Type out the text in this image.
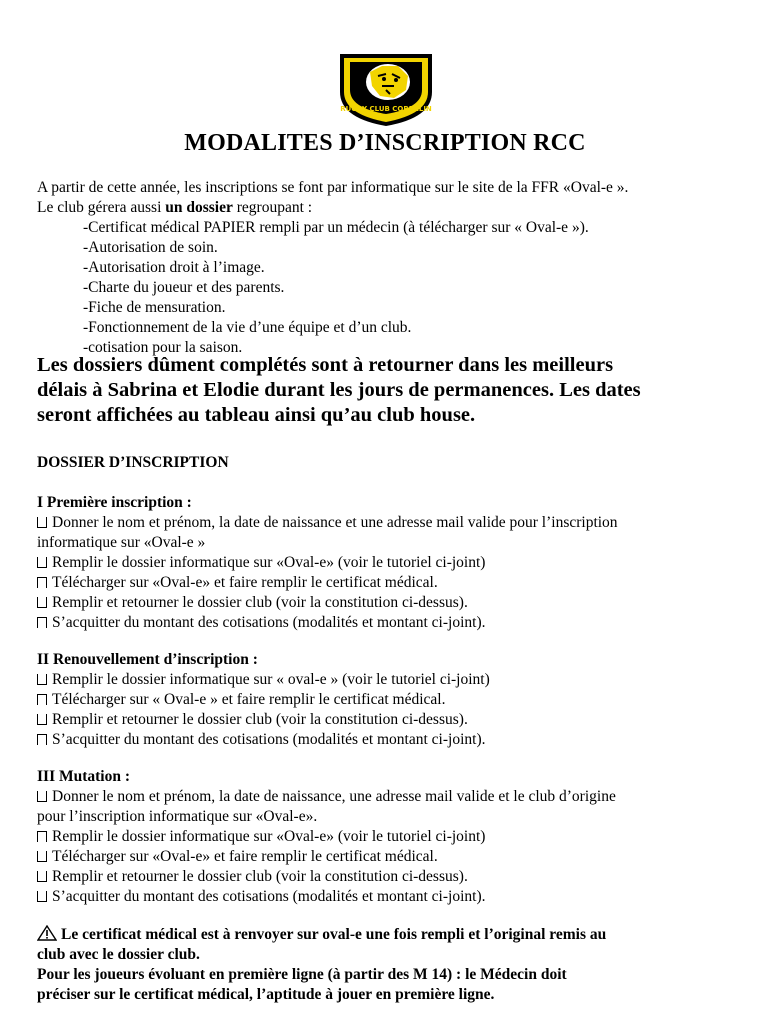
RUGBY CLUB CORBELIN
MODALITES D’INSCRIPTION RCC
A partir de cette année, les inscriptions se font par informatique sur le site de la FFR «Oval-e ».
Le club gérera aussi un dossier regroupant :
-Certificat médical PAPIER rempli par un médecin (à télécharger sur « Oval-e »).
-Autorisation de soin.
-Autorisation droit à l’image.
-Charte du joueur et des parents.
-Fiche de mensuration.
-Fonctionnement de la vie d’une équipe et d’un club.
-cotisation pour la saison.
Les dossiers dûment complétés sont à retourner dans les meilleurs
délais à Sabrina et Elodie durant les jours de permanences. Les dates
seront affichées au tableau ainsi qu’au club house.
DOSSIER D’INSCRIPTION
I Première inscription :
Donner le nom et prénom, la date de naissance et une adresse mail valide pour l’inscription
informatique sur «Oval-e »
Remplir le dossier informatique sur «Oval-e» (voir le tutoriel ci-joint)
Télécharger sur «Oval-e» et faire remplir le certificat médical.
Remplir et retourner le dossier club (voir la constitution ci-dessus).
S’acquitter du montant des cotisations (modalités et montant ci-joint).
II Renouvellement d’inscription :
Remplir le dossier informatique sur « oval-e » (voir le tutoriel ci-joint)
Télécharger sur « Oval-e » et faire remplir le certificat médical.
Remplir et retourner le dossier club (voir la constitution ci-dessus).
S’acquitter du montant des cotisations (modalités et montant ci-joint).
III Mutation :
Donner le nom et prénom, la date de naissance, une adresse mail valide et le club d’origine
pour l’inscription informatique sur «Oval-e».
Remplir le dossier informatique sur «Oval-e» (voir le tutoriel ci-joint)
Télécharger sur «Oval-e» et faire remplir le certificat médical.
Remplir et retourner le dossier club (voir la constitution ci-dessus).
S’acquitter du montant des cotisations (modalités et montant ci-joint).
Le certificat médical est à renvoyer sur oval-e une fois rempli et l’original remis au
club avec le dossier club.
Pour les joueurs évoluant en première ligne (à partir des M 14) : le Médecin doit
préciser sur le certificat médical, l’aptitude à jouer en première ligne.
